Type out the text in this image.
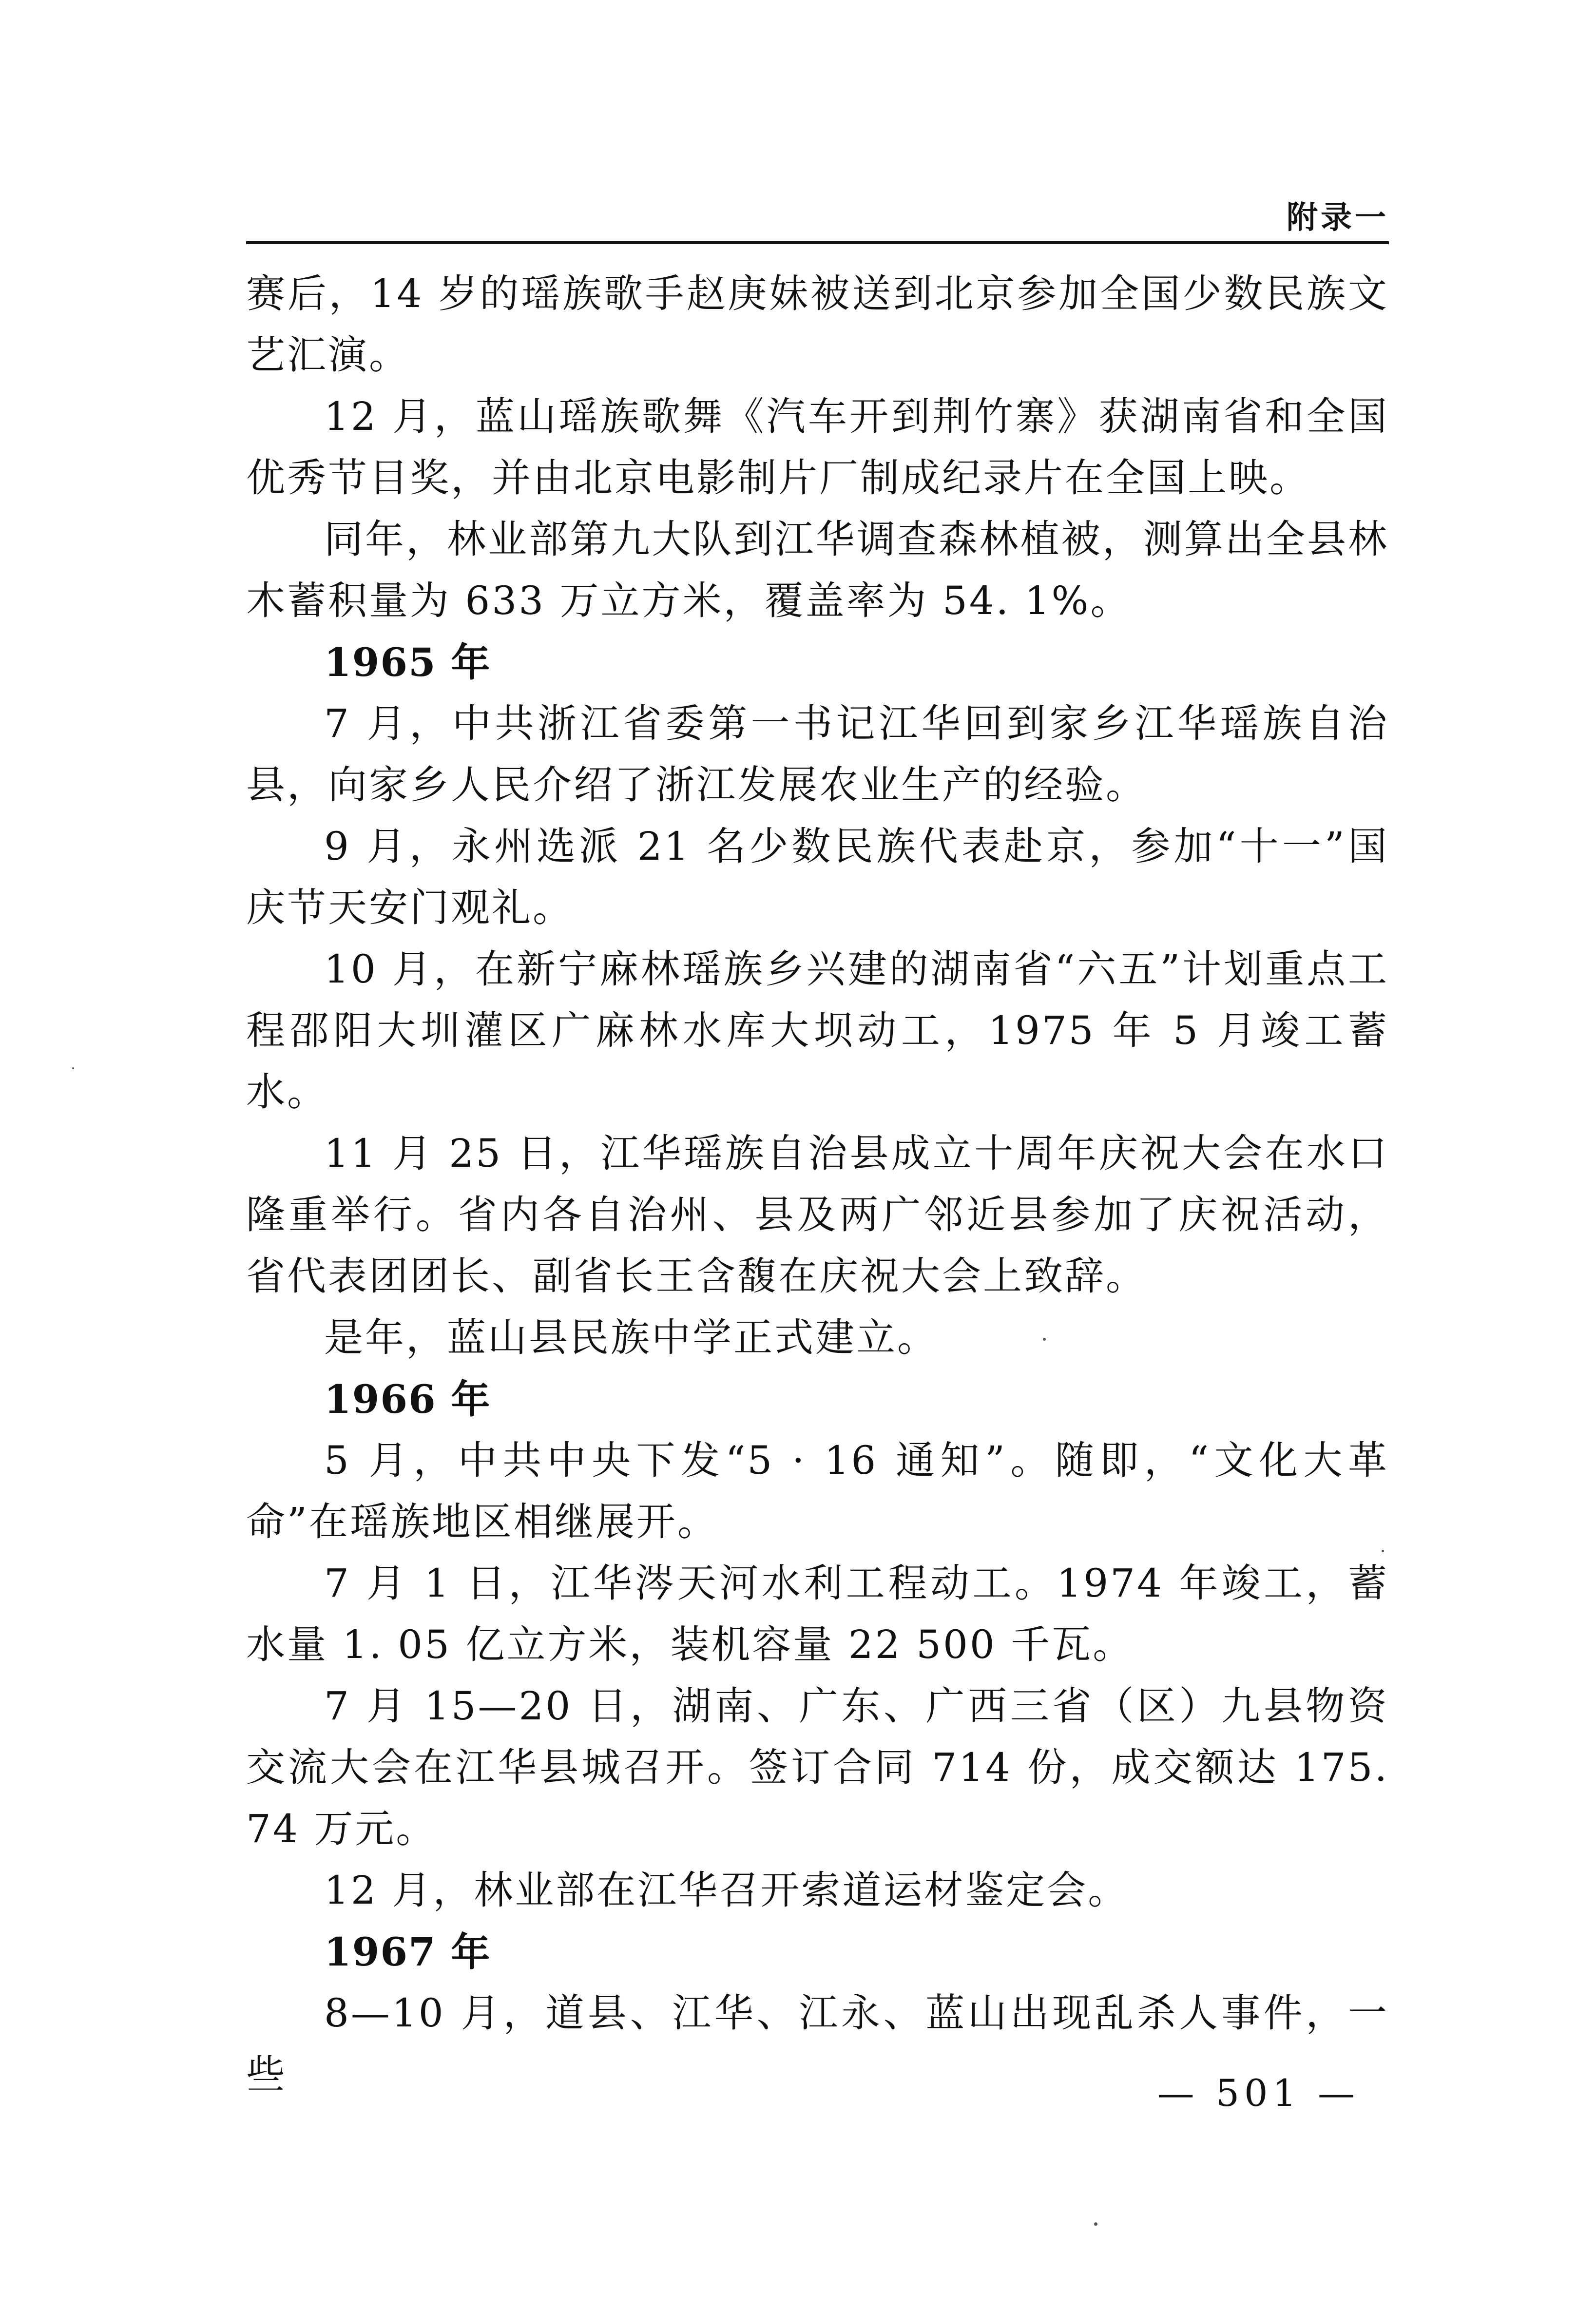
附录一

赛后，14 岁的瑶族歌手赵庚妹被送到北京参加全国少数民族文艺汇演。

12 月，蓝山瑶族歌舞《汽车开到荆竹寨》获湖南省和全国优秀节目奖，并由北京电影制片厂制成纪录片在全国上映。

同年，林业部第九大队到江华调查森林植被，测算出全县林木蓄积量为 633 万立方米，覆盖率为 54. 1%。

1965 年

7 月，中共浙江省委第一书记江华回到家乡江华瑶族自治县，向家乡人民介绍了浙江发展农业生产的经验。

9 月，永州选派 21 名少数民族代表赴京，参加“十一”国庆节天安门观礼。

10 月，在新宁麻林瑶族乡兴建的湖南省“六五”计划重点工程邵阳大圳灌区广麻林水库大坝动工，1975 年 5 月竣工蓄水。

11 月 25 日，江华瑶族自治县成立十周年庆祝大会在水口隆重举行。省内各自治州、县及两广邻近县参加了庆祝活动，省代表团团长、副省长王含馥在庆祝大会上致辞。

是年，蓝山县民族中学正式建立。

1966 年

5 月，中共中央下发“5 · 16 通知”。随即，“文化大革命”在瑶族地区相继展开。

7 月 1 日，江华涔天河水利工程动工。1974 年竣工，蓄水量 1. 05 亿立方米，装机容量 22 500 千瓦。

7 月 15—20 日，湖南、广东、广西三省（区）九县物资交流大会在江华县城召开。签订合同 714 份，成交额达 175. 74 万元。

12 月，林业部在江华召开索道运材鉴定会。

1967 年

8—10 月，道县、江华、江永、蓝山出现乱杀人事件，一些	— 501 —
